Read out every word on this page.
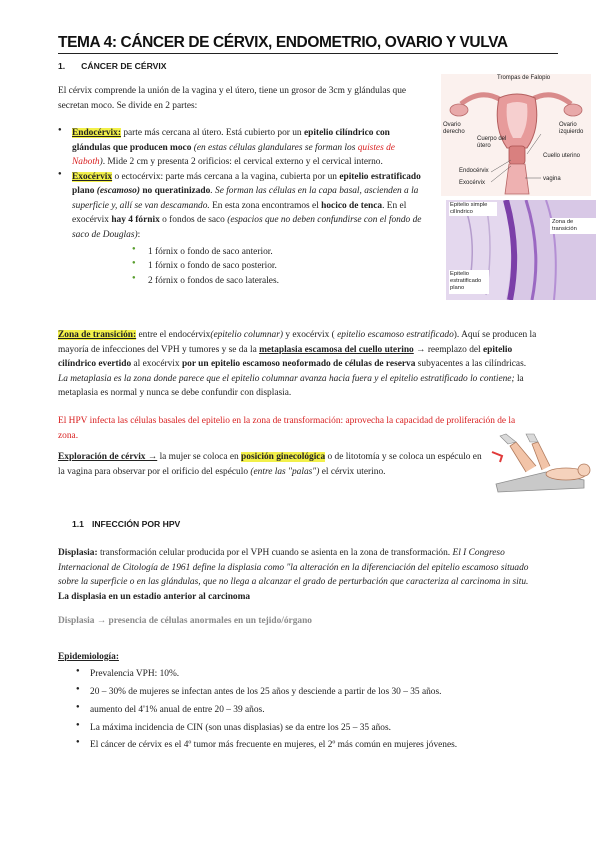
TEMA 4: CÁNCER DE CÉRVIX, ENDOMETRIO, OVARIO Y VULVA
1. CÁNCER DE CÉRVIX
El cérvix comprende la unión de la vagina y el útero, tiene un grosor de 3cm y glándulas que secretan moco. Se divide en 2 partes:
Trompas de Falopio
Ovario derecho
Ovario izquierdo
Cuerpo del útero
Cuello uterino
Endocérvix
Exocérvix
vagina
● Endocérvix: parte más cercana al útero. Está cubierto por un epitelio cilíndrico con glándulas que producen moco (en estas células glandulares se forman los quistes de Naboth). Mide 2 cm y presenta 2 orificios: el cervical externo y el cervical interno.
● Exocérvix o ectocérvix: parte más cercana a la vagina, cubierta por un epitelio estratificado plano (escamoso) no queratinizado. Se forman las células en la capa basal, ascienden a la superficie y, allí se van descamando. En esta zona encontramos el hocico de tenca. En el exocérvix hay 4 fórnix o fondos de saco (espacios que no deben confundirse con el fondo de saco de Douglas):
● 1 fórnix o fondo de saco anterior.
● 1 fórnix o fondo de saco posterior.
● 2 fórnix o fondos de saco laterales.
Epitelio simple cilíndrico
Zona de transición
Epitelio estratificado plano
Zona de transición: entre el endocérvix(epitelio columnar) y exocérvix ( epitelio escamoso estratificado). Aquí se producen la mayoría de infecciones del VPH y tumores y se da la metaplasia escamosa del cuello uterino → reemplazo del epitelio cilíndrico evertido al exocérvix por un epitelio escamoso neoformado de células de reserva subyacentes a las cilíndricas. La metaplasia es la zona donde parece que el epitelio columnar avanza hacia fuera y el epitelio estratificado lo contiene; la metaplasia es normal y nunca se debe confundir con displasia.
El HPV infecta las células basales del epitelio en la zona de transformación: aprovecha la capacidad de proliferación de la zona.
Exploración de cérvix → la mujer se coloca en posición ginecológica o de litotomía y se coloca un espéculo en la vagina para observar por el orificio del espéculo (entre las "palas") el cérvix uterino.
1.1 INFECCIÓN POR HPV
Displasia: transformación celular producida por el VPH cuando se asienta en la zona de transformación. El I Congreso Internacional de Citología de 1961 define la displasia como "la alteración en la diferenciación del epitelio escamoso situado sobre la superficie o en las glándulas, que no llega a alcanzar el grado de perturbación que caracteriza al carcinoma in situ. La displasia en un estadio anterior al carcinoma
Displasia → presencia de células anormales en un tejido/órgano
Epidemiología:
● Prevalencia VPH: 10%.
● 20 – 30% de mujeres se infectan antes de los 25 años y desciende a partir de los 30 – 35 años.
● aumento del 4'1% anual de entre 20 – 39 años.
● La máxima incidencia de CIN (son unas displasias) se da entre los 25 – 35 años.
● El cáncer de cérvix es el 4º tumor más frecuente en mujeres, el 2º más común en mujeres jóvenes.
